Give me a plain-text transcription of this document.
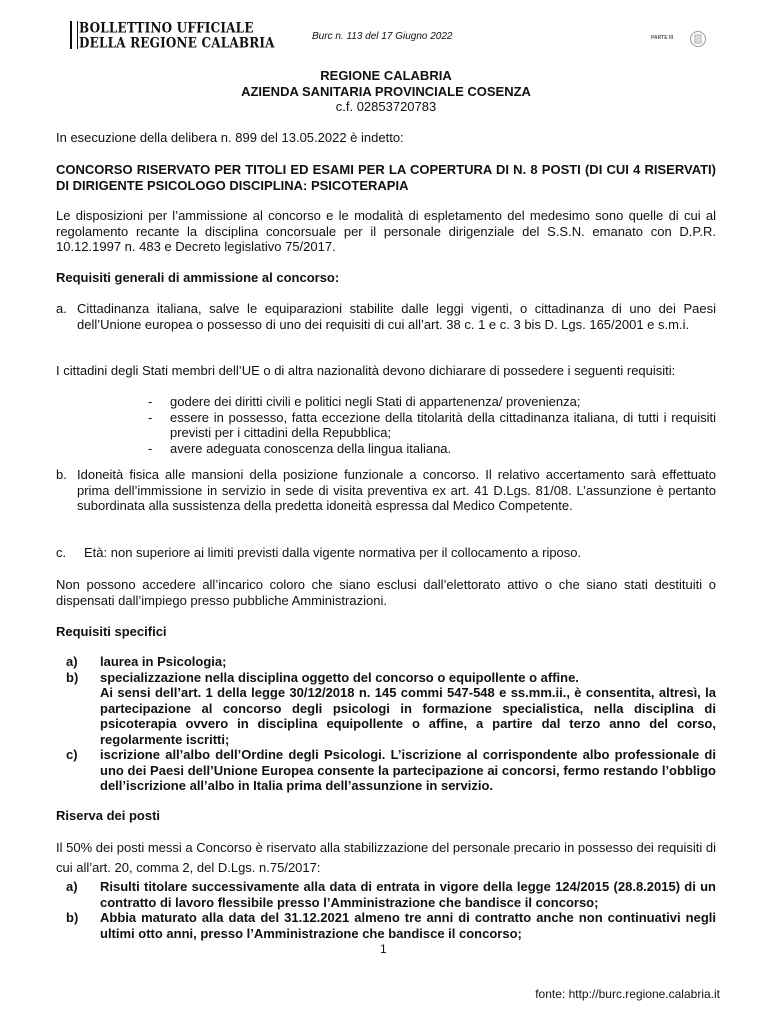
BOLLETTINO UFFICIALE
DELLA REGIONE CALABRIA	Burc n. 113 del 17 Giugno 2022	PARTE III
REGIONE CALABRIA
AZIENDA SANITARIA PROVINCIALE COSENZA
c.f. 02853720783
In esecuzione della delibera n. 899 del 13.05.2022 è indetto:
CONCORSO RISERVATO PER TITOLI ED ESAMI PER LA COPERTURA DI N. 8 POSTI (DI CUI 4 RISERVATI) DI DIRIGENTE PSICOLOGO DISCIPLINA: PSICOTERAPIA
Le disposizioni per l’ammissione al concorso e le modalità di espletamento del medesimo sono quelle di cui al regolamento recante la disciplina concorsuale per il personale dirigenziale del S.S.N. emanato con D.P.R. 10.12.1997 n. 483 e Decreto legislativo 75/2017.
Requisiti generali di ammissione al concorso:
a. Cittadinanza italiana, salve le equiparazioni stabilite dalle leggi vigenti, o cittadinanza di uno dei Paesi dell’Unione europea o possesso di uno dei requisiti di cui all’art. 38 c. 1 e c. 3 bis D. Lgs. 165/2001 e s.m.i.
I cittadini degli Stati membri dell’UE o di altra nazionalità devono dichiarare di possedere i seguenti requisiti:
- godere dei diritti civili e politici negli Stati di appartenenza/ provenienza;
- essere in possesso, fatta eccezione della titolarità della cittadinanza italiana, di tutti i requisiti previsti per i cittadini della Repubblica;
- avere adeguata conoscenza della lingua italiana.
b. Idoneità fisica alle mansioni della posizione funzionale a concorso. Il relativo accertamento sarà effettuato prima dell’immissione in servizio in sede di visita preventiva ex art. 41 D.Lgs. 81/08. L’assunzione è pertanto subordinata alla sussistenza della predetta idoneità espressa dal Medico Competente.
c. Età: non superiore ai limiti previsti dalla vigente normativa per il collocamento a riposo.
Non possono accedere all’incarico coloro che siano esclusi dall’elettorato attivo o che siano stati destituiti o dispensati dall’impiego presso pubbliche Amministrazioni.
Requisiti specifici
a) laurea in Psicologia;
b) specializzazione nella disciplina oggetto del concorso o equipollente o affine.
Ai sensi dell’art. 1 della legge 30/12/2018 n. 145 commi 547-548 e ss.mm.ii., è consentita, altresì, la partecipazione al concorso degli psicologi in formazione specialistica, nella disciplina di psicoterapia ovvero in disciplina equipollente o affine, a partire dal terzo anno del corso, regolarmente iscritti;
c) iscrizione all’albo dell’Ordine degli Psicologi. L’iscrizione al corrispondente albo professionale di uno dei Paesi dell’Unione Europea consente la partecipazione ai concorsi, fermo restando l’obbligo dell’iscrizione all’albo in Italia prima dell’assunzione in servizio.
Riserva dei posti
Il 50% dei posti messi a Concorso è riservato alla stabilizzazione del personale precario in possesso dei requisiti di cui all’art. 20, comma 2, del D.Lgs. n.75/2017:
a) Risulti titolare successivamente alla data di entrata in vigore della legge 124/2015 (28.8.2015) di un contratto di lavoro flessibile presso l’Amministrazione che bandisce il concorso;
b) Abbia maturato alla data del 31.12.2021 almeno tre anni di contratto anche non continuativi negli ultimi otto anni, presso l’Amministrazione che bandisce il concorso;
1
fonte: http://burc.regione.calabria.it
